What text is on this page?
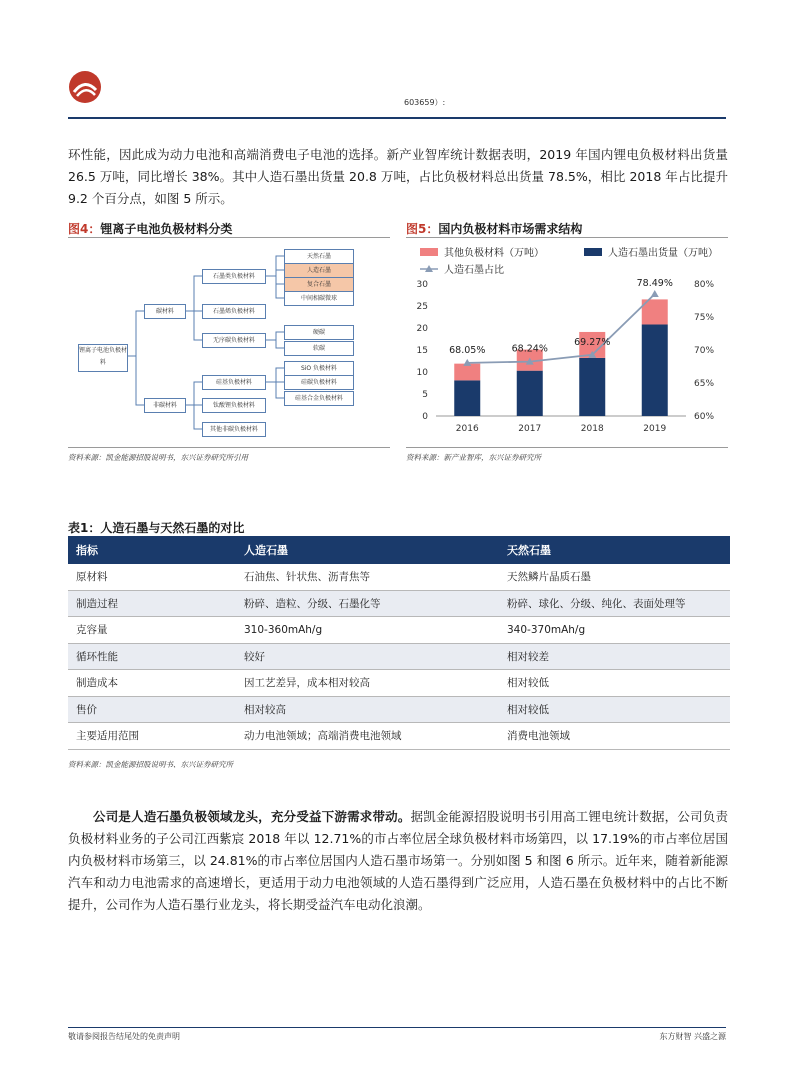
603659）:
环性能，因此成为动力电池和高端消费电子电池的选择。新产业智库统计数据表明，2019 年国内锂电负极材料出货量 26.5 万吨，同比增长 38%。其中人造石墨出货量 20.8 万吨，占比负极材料总出货量 78.5%，相比 2018 年占比提升 9.2 个百分点，如图 5 所示。
图4：锂离子电池负极材料分类
锂离子电池负极材料
碳材料
非碳材料
石墨类负极材料
石墨烯负极材料
无序碳负极材料
天然石墨
人造石墨
复合石墨
中间相碳微球
硬碳
软碳
硅基负极材料
钛酸锂负极材料
其他非碳负极材料
SiO 负极材料
硅碳负极材料
硅基合金负极材料
资料来源：凯金能源招股说明书，东兴证券研究所引用
图5：国内负极材料市场需求结构
其他负极材料（万吨）	人造石墨出货量（万吨）
人造石墨占比
0
5
10
15
20
25
30
60%
65%
70%
75%
80%
2016	2017	2018	2019
68.05%	68.24%
69.27%
78.49%
资料来源：新产业智库，东兴证券研究所
表1：人造石墨与天然石墨的对比
指标	人造石墨	天然石墨
原材料	石油焦、针状焦、沥青焦等	天然鳞片晶质石墨
制造过程	粉碎、造粒、分级、石墨化等	粉碎、球化、分级、纯化、表面处理等
克容量	310-360mAh/g	340-370mAh/g
循环性能	较好	相对较差
制造成本	因工艺差异，成本相对较高	相对较低
售价	相对较高	相对较低
主要适用范围	动力电池领域；高端消费电池领域	消费电池领域
资料来源：凯金能源招股说明书、东兴证券研究所
公司是人造石墨负极领域龙头，充分受益下游需求带动。据凯金能源招股说明书引用高工锂电统计数据，公司负责负极材料业务的子公司江西紫宸 2018 年以 12.71%的市占率位居全球负极材料市场第四，以 17.19%的市占率位居国内负极材料市场第三，以 24.81%的市占率位居国内人造石墨市场第一。分别如图 5 和图 6 所示。近年来，随着新能源汽车和动力电池需求的高速增长，更适用于动力电池领域的人造石墨得到广泛应用，人造石墨在负极材料中的占比不断提升，公司作为人造石墨行业龙头，将长期受益汽车电动化浪潮。
敬请参阅报告结尾处的免责声明	东方财智 兴盛之源
